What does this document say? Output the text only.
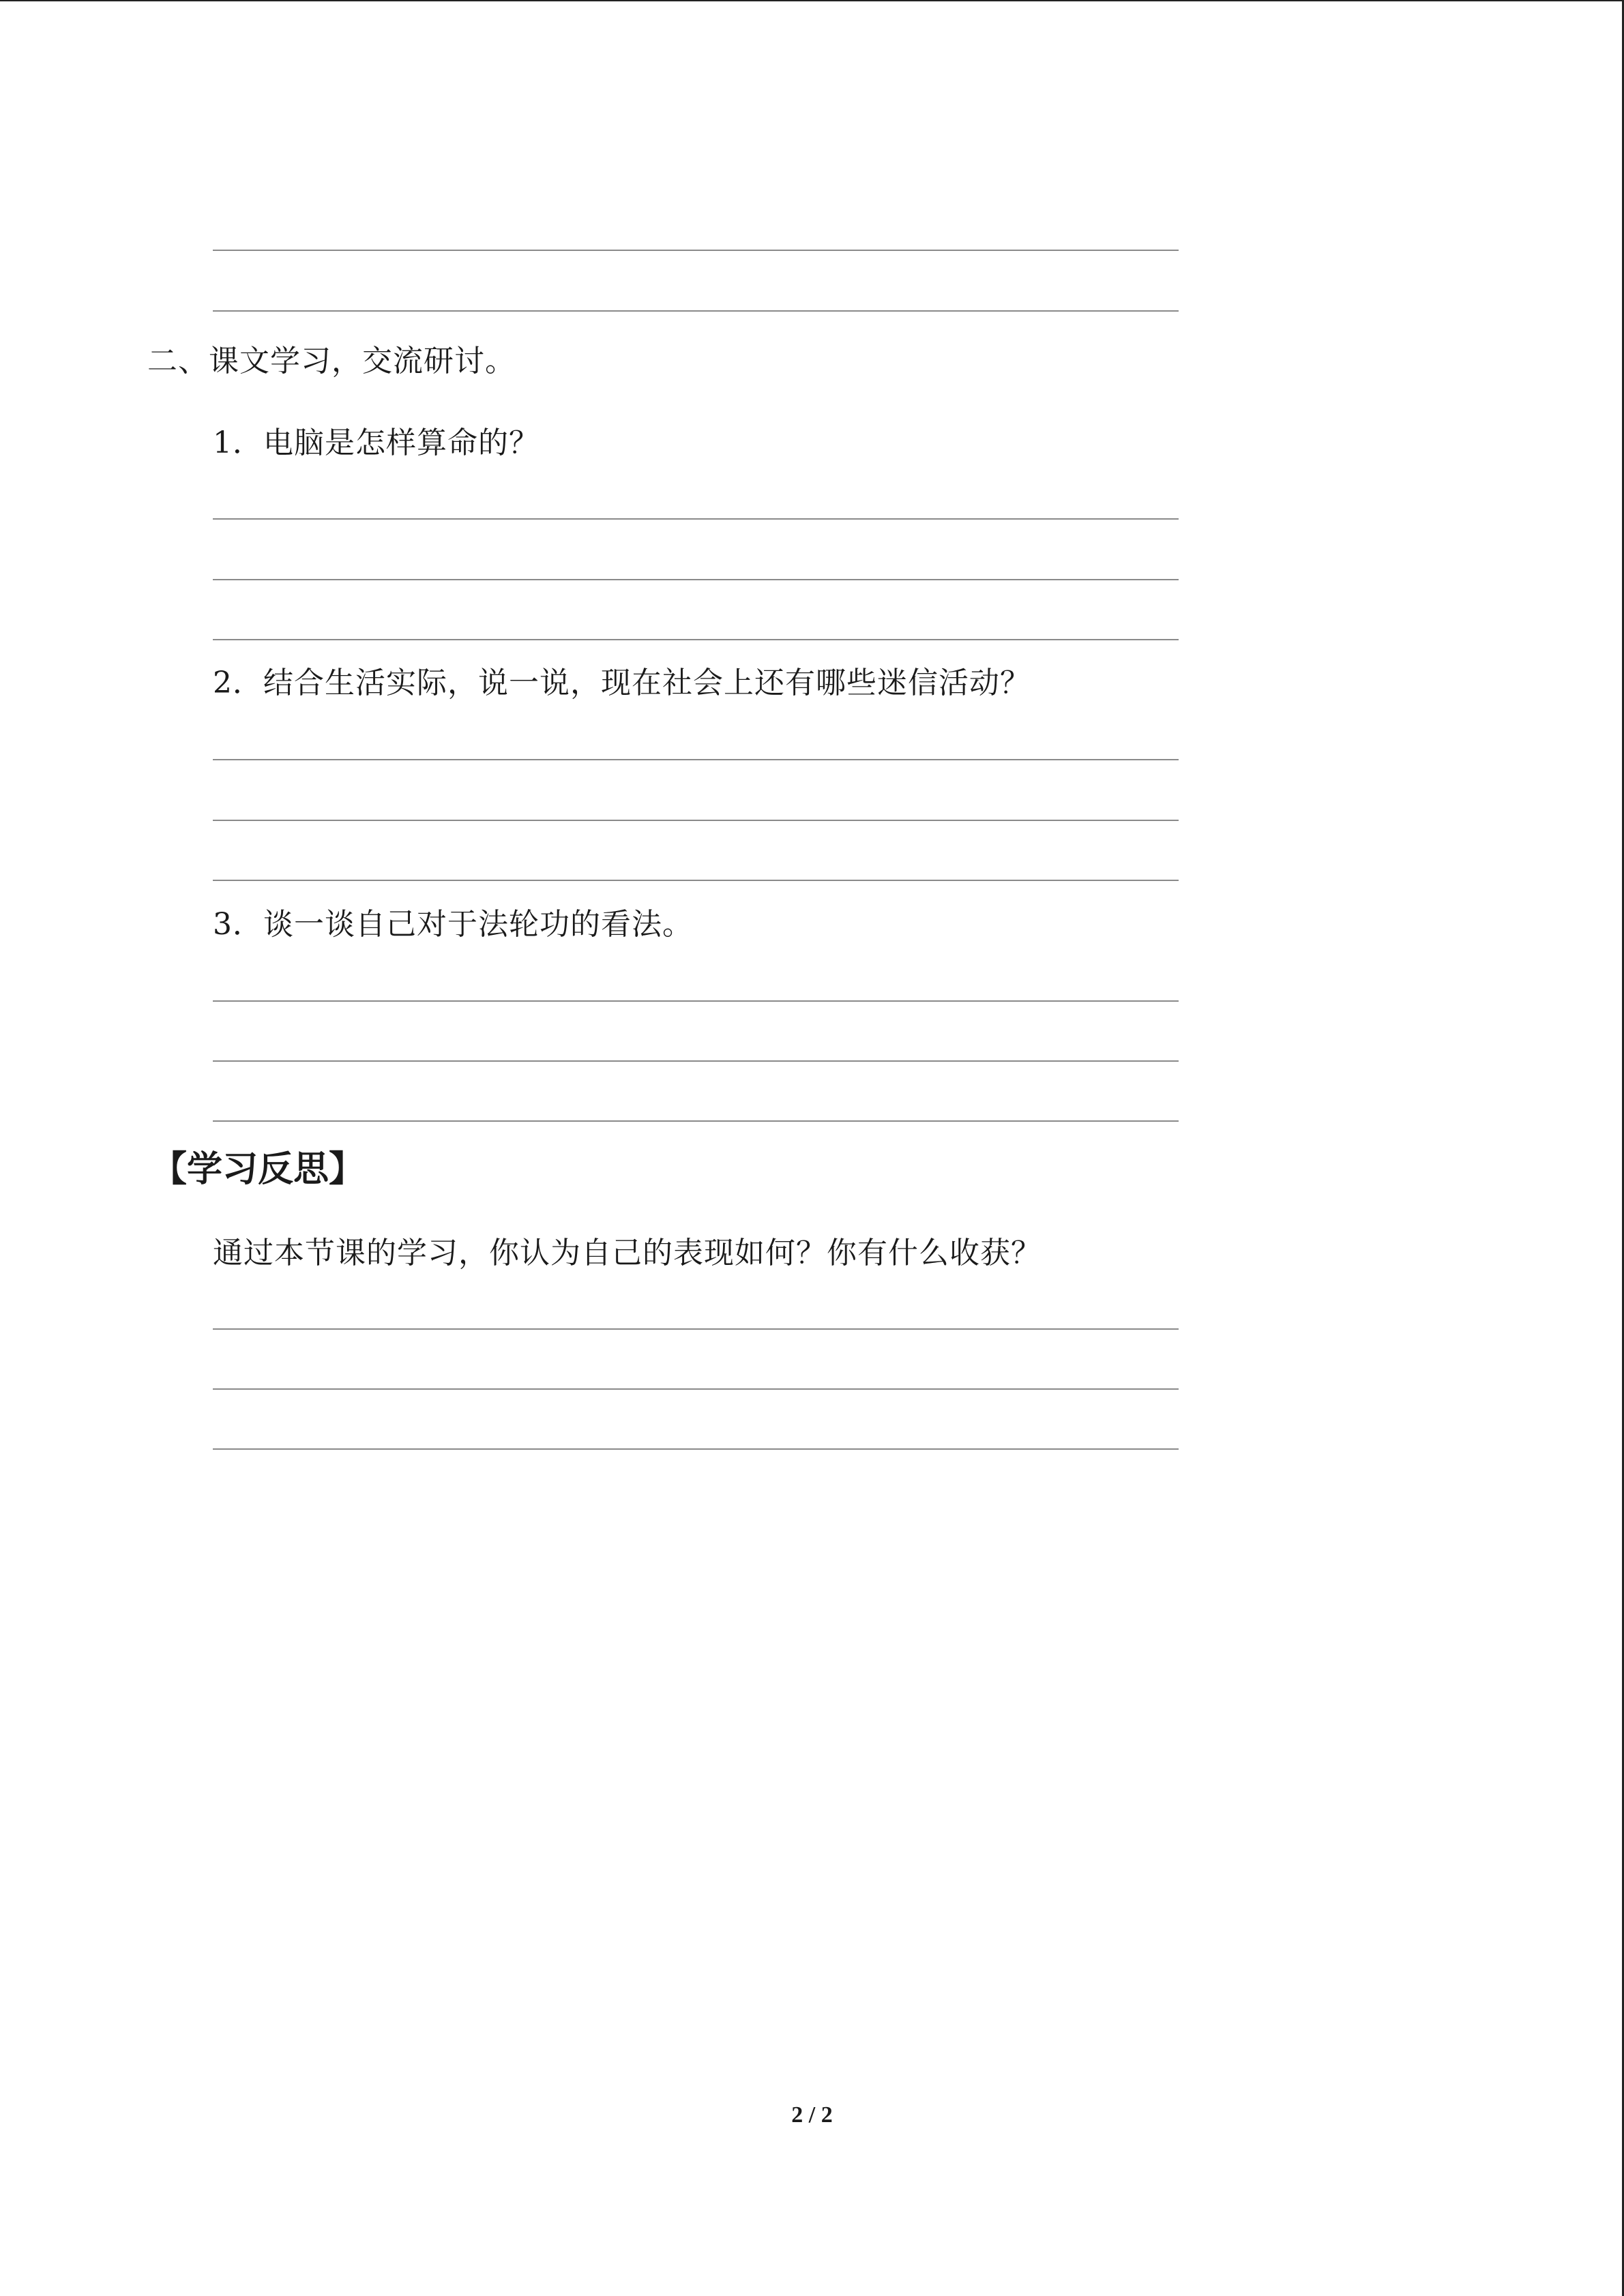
二、课文学习，交流研讨。
1．电脑是怎样算命的？
2．结合生活实际，说一说，现在社会上还有哪些迷信活动？
3．谈一谈自己对于法轮功的看法。
【学习反思】
通过本节课的学习，你认为自己的表现如何？你有什么收获？
2 / 2
